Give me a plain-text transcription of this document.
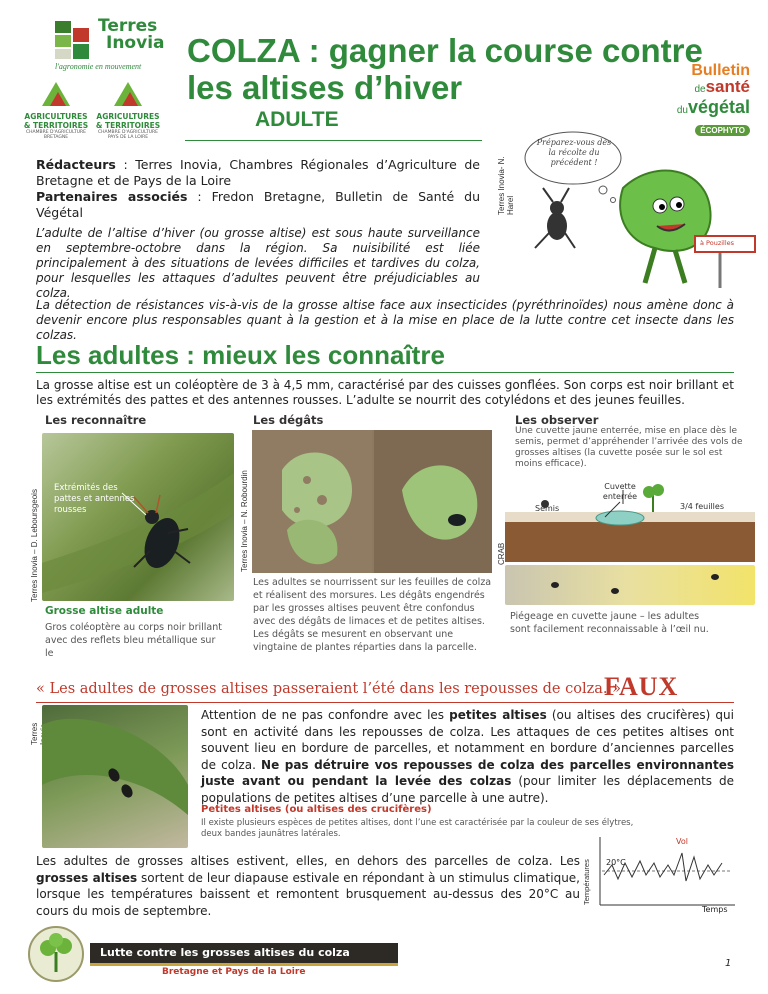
Terres
Inovia
l'agronomie en mouvement
AGRICULTURES
& TERRITOIRES
CHAMBRE D'AGRICULTURE
BRETAGNE
AGRICULTURES
& TERRITOIRES
CHAMBRE D'AGRICULTURE
PAYS DE LA LOIRE
COLZA : gagner la course contre
les altises d’hiver
ADULTE
Bulletin
desanté
duvégétal
ÉCOPHYTO
Rédacteurs : Terres Inovia, Chambres Régionales d’Agriculture de Bretagne et de Pays de la Loire
Partenaires associés : Fredon Bretagne, Bulletin de Santé du Végétal	Terres Inovia- N. Harel
Préparez-vous dès la récolte du précédent !
à Pouzilles
L’adulte de l’altise d’hiver (ou grosse altise) est sous haute surveillance en septembre-octobre dans la région. Sa nuisibilité est liée principalement à des situations de levées difficiles et tardives du colza, pour lesquelles les attaques d’adultes peuvent être préjudiciables au colza.
La détection de résistances vis-à-vis de la grosse altise face aux insecticides (pyréthrinoïdes) nous amène donc à devenir encore plus responsables quant à la gestion et à la mise en place de la lutte contre cet insecte dans les colzas.
Les adultes : mieux les connaître
La grosse altise est un coléoptère de 3 à 4,5 mm, caractérisé par des cuisses gonflées. Son corps est noir brillant et les extrémités des pattes et des antennes rousses. L’adulte se nourrit des cotylédons et des jeunes feuilles.
Les reconnaître
Terres Inovia – D. Leboursgeois
Extrémités des pattes et antennes rousses
Grosse altise adulte
Gros coléoptère au corps noir brillant avec des reflets bleu métallique sur le
Les dégâts
Terres Inovia – N. Robourdin
Les adultes se nourrissent sur les feuilles de colza et réalisent des morsures. Les dégâts engendrés par les grosses altises peuvent être confondus avec des dégâts de limaces et de petites altises. Les dégâts se mesurent en observant une vingtaine de plantes réparties dans la parcelle.
Les observer
Une cuvette jaune enterrée, mise en place dès le semis, permet d’appréhender l’arrivée des vols de grosses altises (la cuvette posée sur le sol est moins efficace).
Semis
Cuvette enterrée
3/4 feuilles
CRAB
Piégeage en cuvette jaune – les adultes sont facilement reconnaissable à l’œil nu.
« Les adultes de grosses altises passeraient l’été dans les repousses de colza. »
FAUX
Terres
Attention de ne pas confondre avec les petites altises (ou altises des crucifères) qui sont en activité dans les repousses de colza. Les attaques de ces petites altises ont souvent lieu en bordure de parcelles, et notamment en bordure d’anciennes parcelles de colza. Ne pas détruire vos repousses de colza des parcelles environnantes juste avant ou pendant la levée des colzas (pour limiter les déplacements de populations de petites altises d’une parcelle à une autre).
Petites altises (ou altises des crucifères)
Il existe plusieurs espèces de petites altises, dont l’une est caractérisée par la couleur de ses élytres, deux bandes jaunâtres latérales.
Les adultes de grosses altises estivent, elles, en dehors des parcelles de colza. Les grosses altises sortent de leur diapause estivale en répondant à un stimulus climatique, lorsque les températures baissent et remontent brusquement au-dessus des 20°C au cours du mois de septembre.
Températures 20°C
Vol
Temps
Lutte contre les grosses altises du colza
Bretagne et Pays de la Loire
1
